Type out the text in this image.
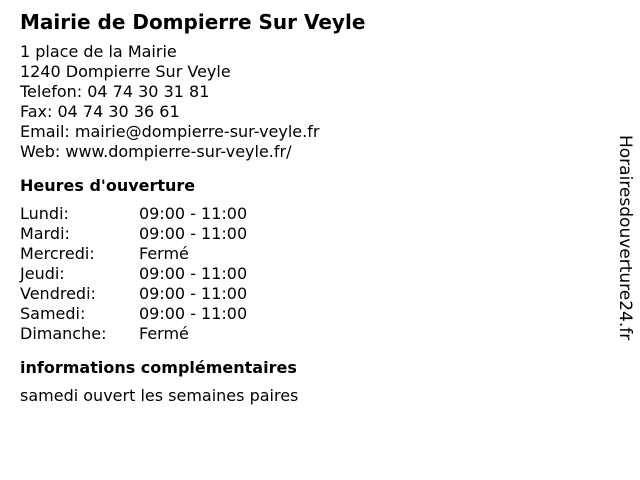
Mairie de Dompierre Sur Veyle
1 place de la Mairie
1240 Dompierre Sur Veyle
Telefon: 04 74 30 31 81
Fax: 04 74 30 36 61
Email: mairie@dompierre-sur-veyle.fr
Web: www.dompierre-sur-veyle.fr/
Heures d'ouverture
Lundi:	09:00 - 11:00
Mardi:	09:00 - 11:00
Mercredi:	Fermé
Jeudi:	09:00 - 11:00
Vendredi:	09:00 - 11:00
Samedi:	09:00 - 11:00
Dimanche:	Fermé
informations complémentaires
samedi ouvert les semaines paires
Horairesdouverture24.fr
